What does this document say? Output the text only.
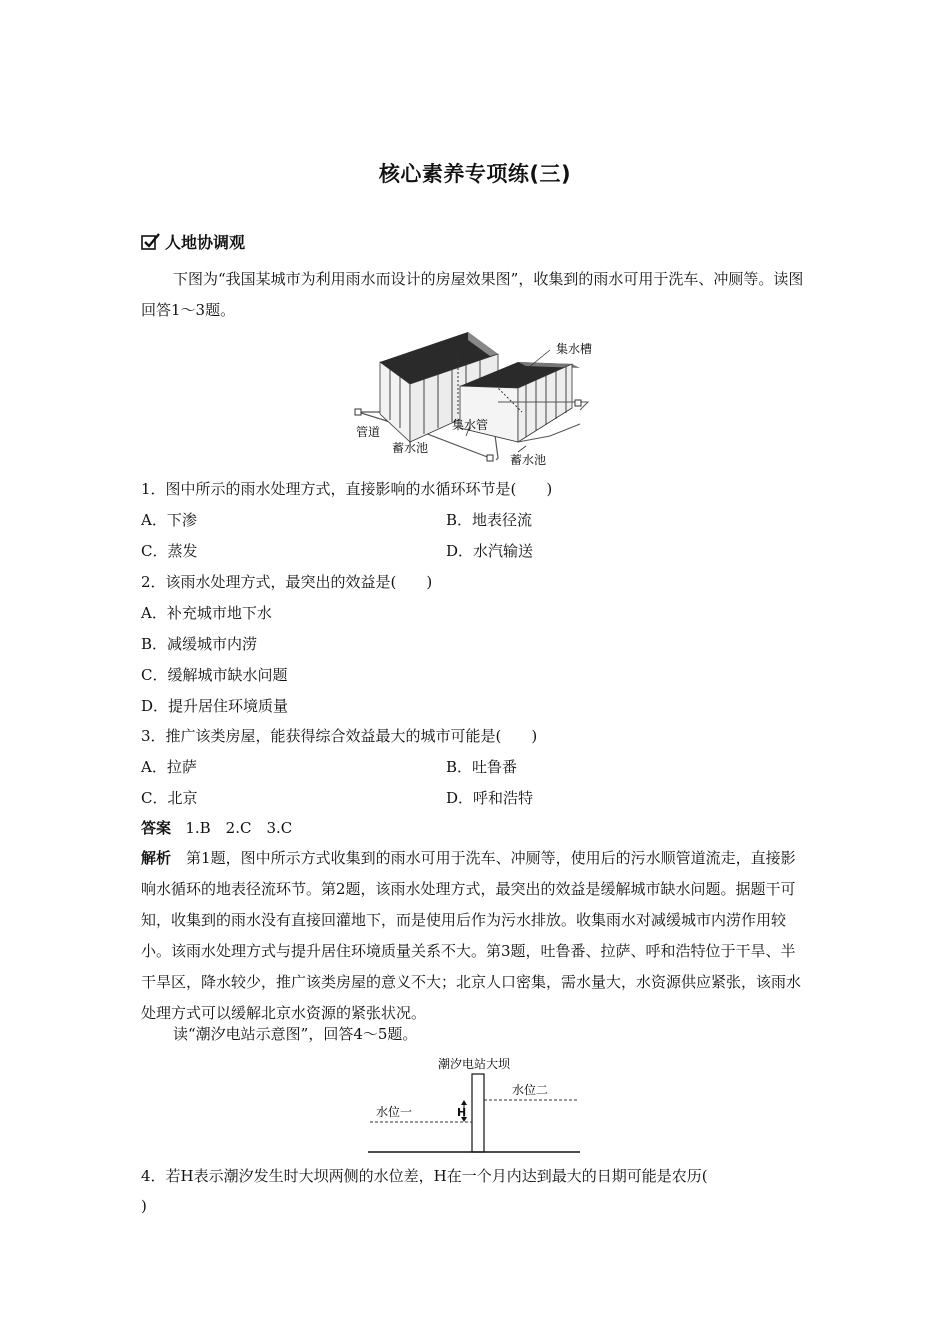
核心素养专项练(三)
人地协调观
下图为“我国某城市为利用雨水而设计的房屋效果图”，收集到的雨水可用于洗车、冲厕等。读图回答1～3题。
集水槽
管道	集水管
蓄水池
蓄水池
1．图中所示的雨水处理方式，直接影响的水循环环节是(　　)
A．下渗	B．地表径流
C．蒸发	D．水汽输送
2．该雨水处理方式，最突出的效益是(　　)
A．补充城市地下水
B．减缓城市内涝
C．缓解城市缺水问题
D．提升居住环境质量
3．推广该类房屋，能获得综合效益最大的城市可能是(　　)
A．拉萨	B．吐鲁番
C．北京	D．呼和浩特
答案 1.B　2.C　3.C
解析　 第1题，图中所示方式收集到的雨水可用于洗车、冲厕等，使用后的污水顺管道流走，直接影响水循环的地表径流环节。第2题，该雨水处理方式，最突出的效益是缓解城市缺水问题。据题干可知，收集到的雨水没有直接回灌地下，而是使用后作为污水排放。收集雨水对减缓城市内涝作用较小。该雨水处理方式与提升居住环境质量关系不大。第3题，吐鲁番、拉萨、呼和浩特位于干旱、半干旱区，降水较少，推广该类房屋的意义不大；北京人口密集，需水量大，水资源供应紧张，该雨水处理方式可以缓解北京水资源的紧张状况。
读“潮汐电站示意图”，回答4～5题。
潮汐电站大坝
水位二
水位一	H
4．若H表示潮汐发生时大坝两侧的水位差，H在一个月内达到最大的日期可能是农历(
)
